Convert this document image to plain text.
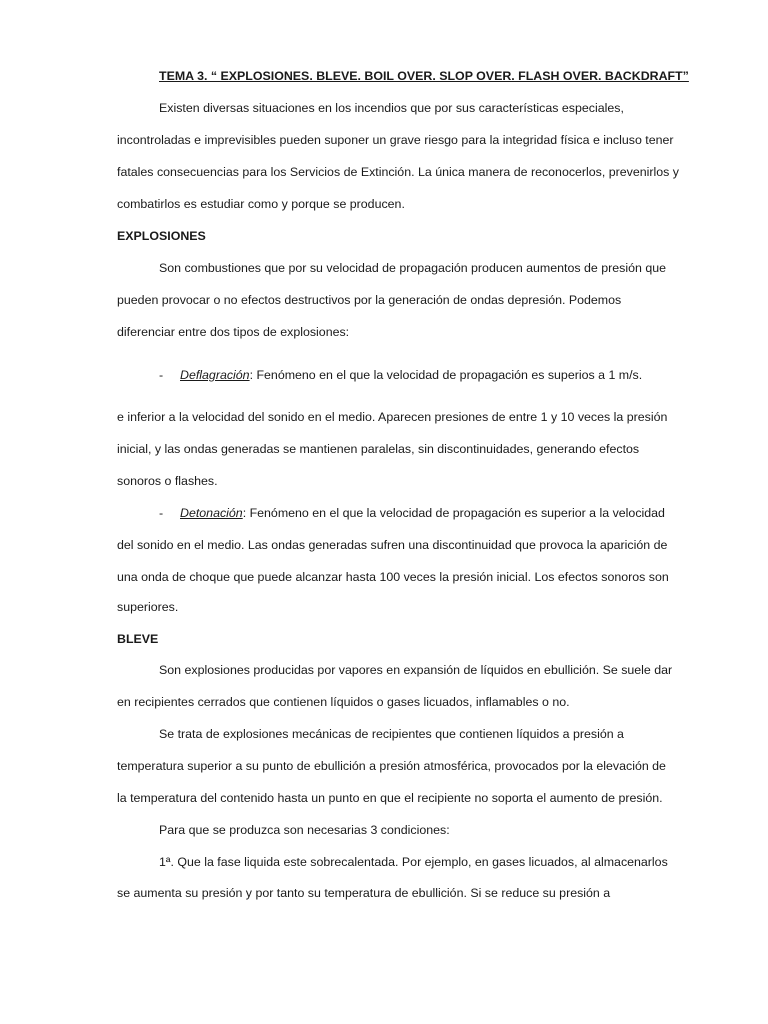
TEMA 3. “ EXPLOSIONES. BLEVE. BOIL OVER. SLOP OVER. FLASH OVER. BACKDRAFT”
Existen diversas situaciones en los incendios que por sus características especiales,
incontroladas e imprevisibles pueden suponer un grave riesgo para la integridad física e incluso tener
fatales consecuencias para los Servicios de Extinción. La única manera de reconocerlos, prevenirlos y
combatirlos es estudiar como y porque se producen.
EXPLOSIONES
Son combustiones que por su velocidad de propagación producen aumentos de presión que
pueden provocar o no efectos destructivos por la generación de ondas depresión. Podemos
diferenciar entre dos tipos de explosiones:
- Deflagración: Fenómeno en el que la velocidad de propagación es superios a 1 m/s.
e inferior a la velocidad del sonido en el medio. Aparecen presiones de entre 1 y 10 veces la presión
inicial, y las ondas generadas se mantienen paralelas, sin discontinuidades, generando efectos
sonoros o flashes.
- Detonación: Fenómeno en el que la velocidad de propagación es superior a la velocidad
del sonido en el medio. Las ondas generadas sufren una discontinuidad que provoca la aparición de
una onda de choque que puede alcanzar hasta 100 veces la presión inicial. Los efectos sonoros son
superiores.
BLEVE
Son explosiones producidas por vapores en expansión de líquidos en ebullición. Se suele dar
en recipientes cerrados que contienen líquidos o gases licuados, inflamables o no.
Se trata de explosiones mecánicas de recipientes que contienen líquidos a presión a
temperatura superior a su punto de ebullición a presión atmosférica, provocados por la elevación de
la temperatura del contenido hasta un punto en que el recipiente no soporta el aumento de presión.
Para que se produzca son necesarias 3 condiciones:
1ª. Que la fase liquida este sobrecalentada. Por ejemplo, en gases licuados, al almacenarlos
se aumenta su presión y por tanto su temperatura de ebullición. Si se reduce su presión a
